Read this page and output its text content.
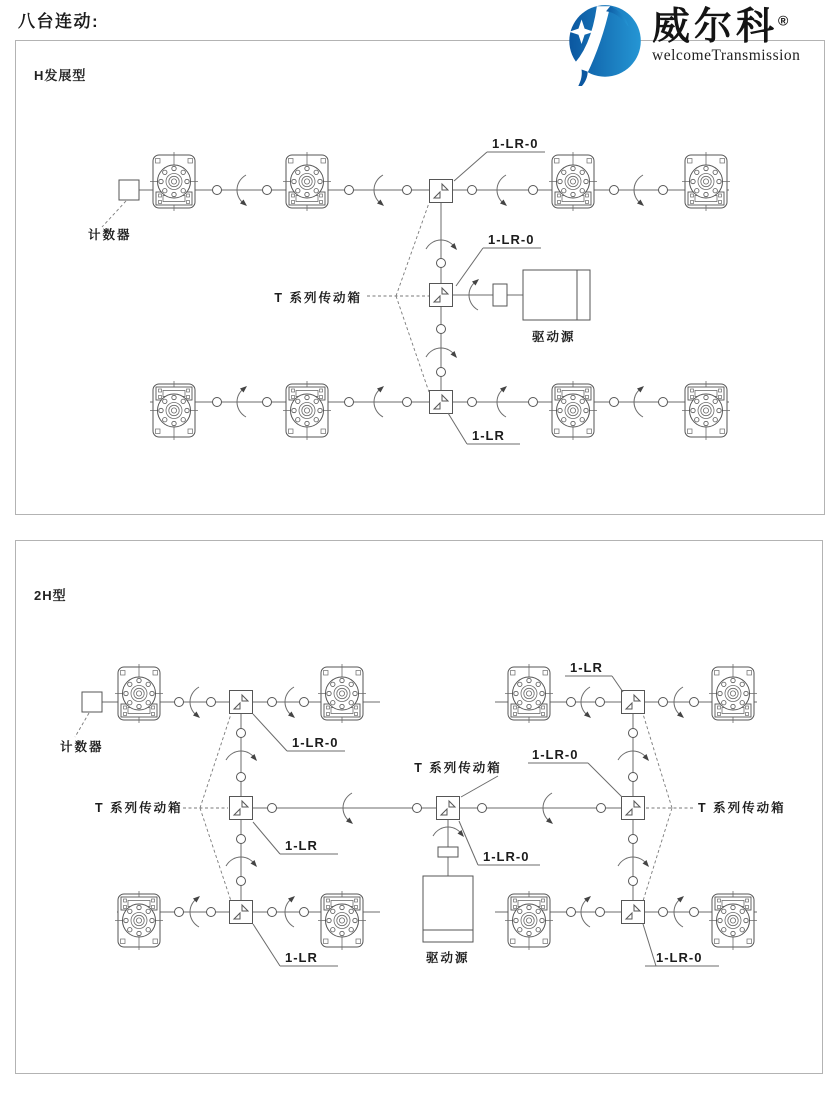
八台连动:
H发展型
2H型
计数器
T 系列传动箱
驱动源
1-LR-0
1-LR-0
1-LR
计数器
T 系列传动箱	T 系列传动箱
T 系列传动箱
驱动源
1-LR-0
1-LR
1-LR
1-LR
1-LR-0
1-LR-0
1-LR-0
威尔科®
welcomeTransmission
